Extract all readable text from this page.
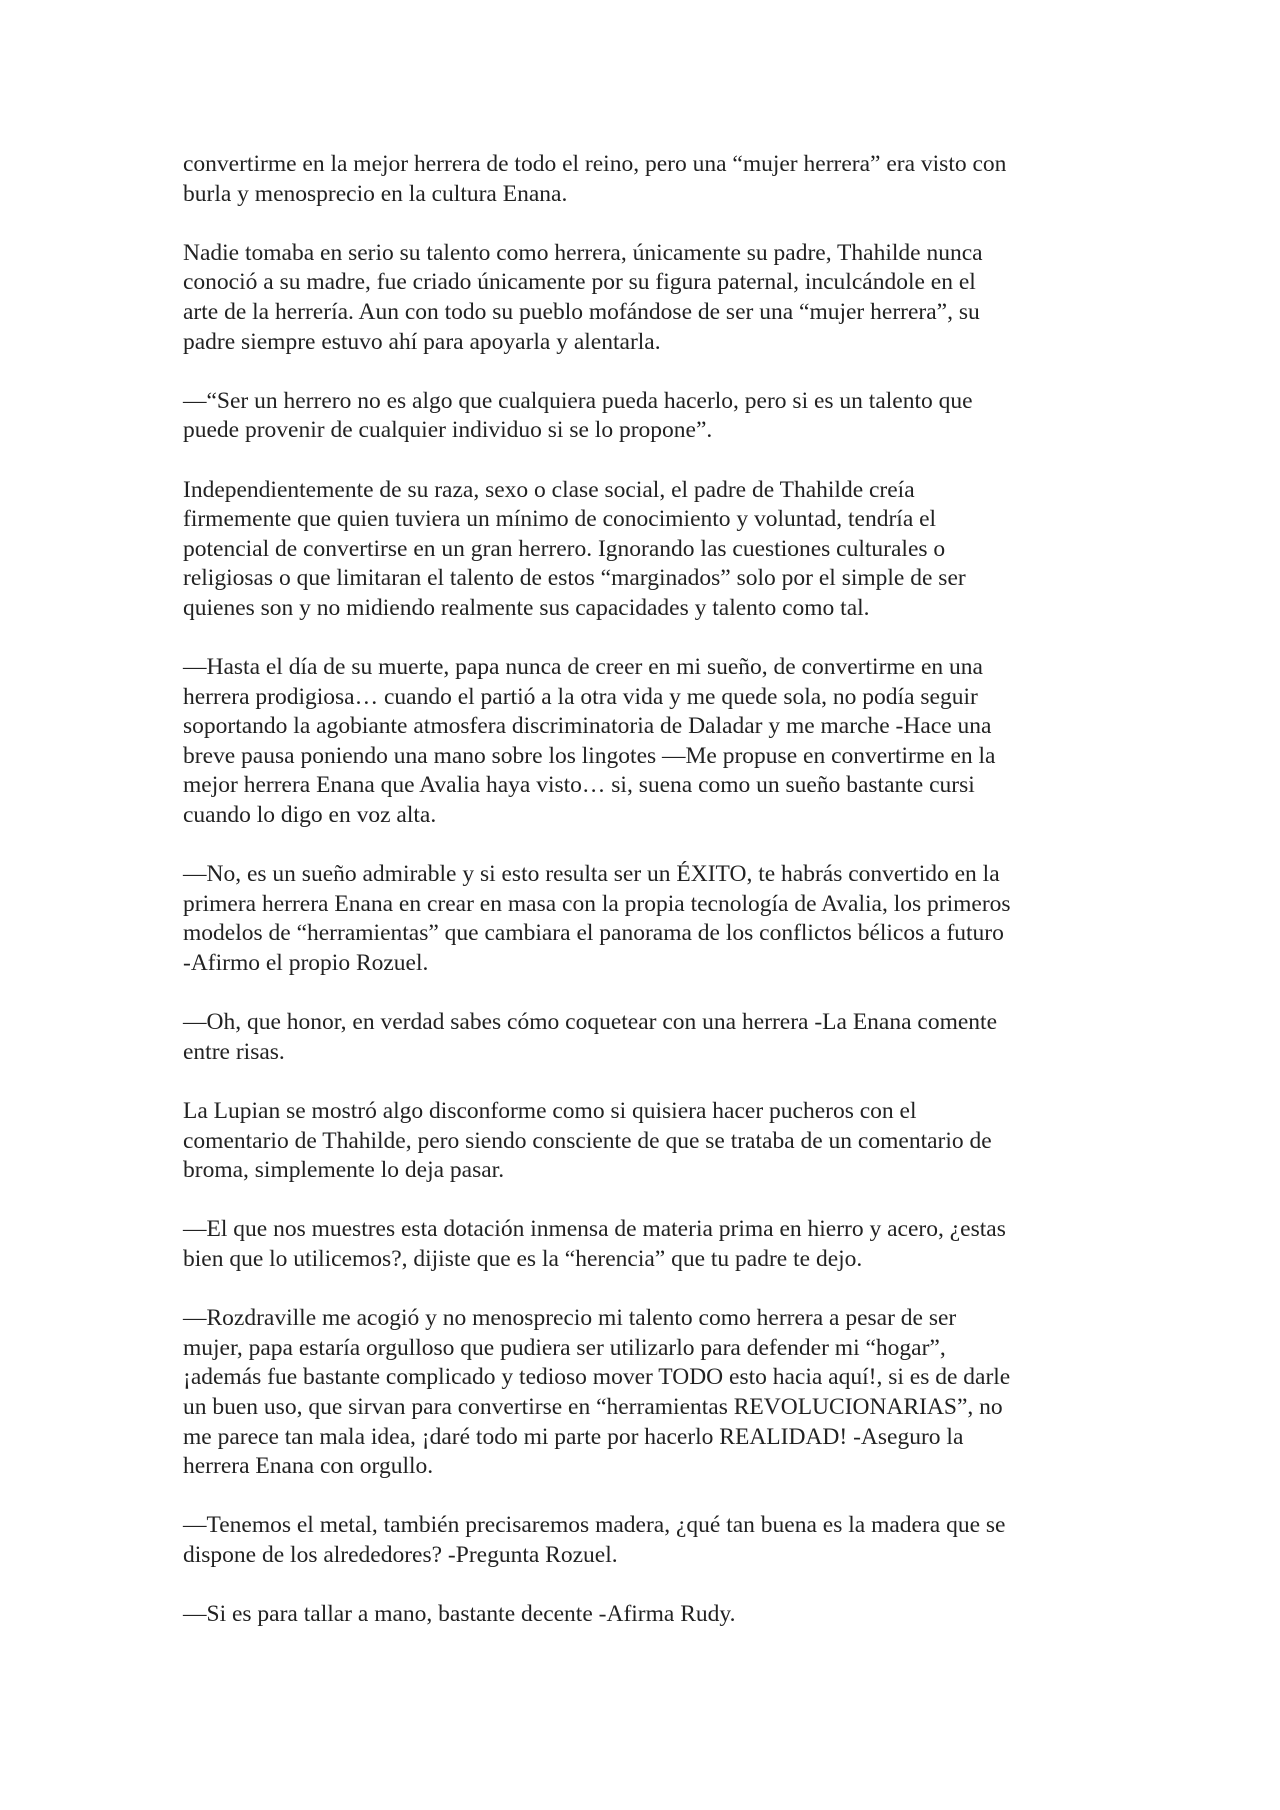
convertirme en la mejor herrera de todo el reino, pero una “mujer herrera” era visto con
burla y menosprecio en la cultura Enana.

Nadie tomaba en serio su talento como herrera, únicamente su padre, Thahilde nunca
conoció a su madre, fue criado únicamente por su figura paternal, inculcándole en el
arte de la herrería. Aun con todo su pueblo mofándose de ser una “mujer herrera”, su
padre siempre estuvo ahí para apoyarla y alentarla.

—“Ser un herrero no es algo que cualquiera pueda hacerlo, pero si es un talento que
puede provenir de cualquier individuo si se lo propone”.

Independientemente de su raza, sexo o clase social, el padre de Thahilde creía
firmemente que quien tuviera un mínimo de conocimiento y voluntad, tendría el
potencial de convertirse en un gran herrero. Ignorando las cuestiones culturales o
religiosas o que limitaran el talento de estos “marginados” solo por el simple de ser
quienes son y no midiendo realmente sus capacidades y talento como tal.

—Hasta el día de su muerte, papa nunca de creer en mi sueño, de convertirme en una
herrera prodigiosa… cuando el partió a la otra vida y me quede sola, no podía seguir
soportando la agobiante atmosfera discriminatoria de Daladar y me marche -Hace una
breve pausa poniendo una mano sobre los lingotes —Me propuse en convertirme en la
mejor herrera Enana que Avalia haya visto… si, suena como un sueño bastante cursi
cuando lo digo en voz alta.

—No, es un sueño admirable y si esto resulta ser un ÉXITO, te habrás convertido en la
primera herrera Enana en crear en masa con la propia tecnología de Avalia, los primeros
modelos de “herramientas” que cambiara el panorama de los conflictos bélicos a futuro
-Afirmo el propio Rozuel.

—Oh, que honor, en verdad sabes cómo coquetear con una herrera -La Enana comente
entre risas.

La Lupian se mostró algo disconforme como si quisiera hacer pucheros con el
comentario de Thahilde, pero siendo consciente de que se trataba de un comentario de
broma, simplemente lo deja pasar.

—El que nos muestres esta dotación inmensa de materia prima en hierro y acero, ¿estas
bien que lo utilicemos?, dijiste que es la “herencia” que tu padre te dejo.

—Rozdraville me acogió y no menosprecio mi talento como herrera a pesar de ser
mujer, papa estaría orgulloso que pudiera ser utilizarlo para defender mi “hogar”,
¡además fue bastante complicado y tedioso mover TODO esto hacia aquí!, si es de darle
un buen uso, que sirvan para convertirse en “herramientas REVOLUCIONARIAS”, no
me parece tan mala idea, ¡daré todo mi parte por hacerlo REALIDAD! -Aseguro la
herrera Enana con orgullo.

—Tenemos el metal, también precisaremos madera, ¿qué tan buena es la madera que se
dispone de los alrededores? -Pregunta Rozuel.

—Si es para tallar a mano, bastante decente -Afirma Rudy.
